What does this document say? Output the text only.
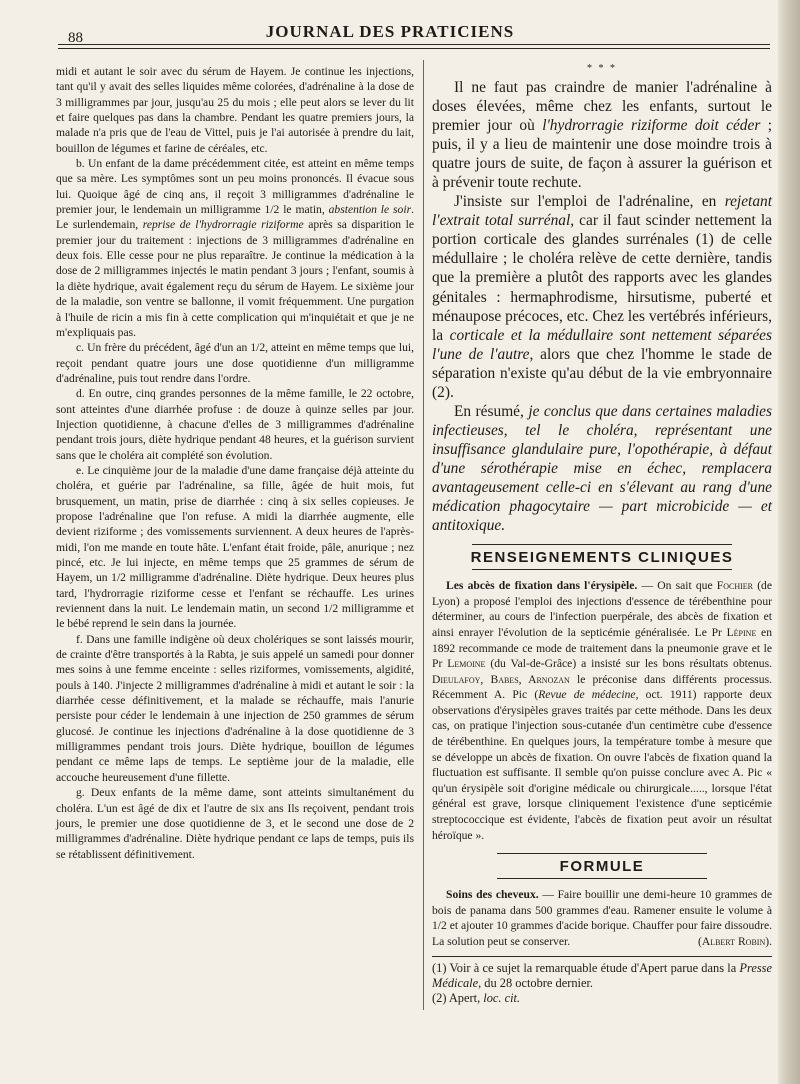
88	JOURNAL DES PRATICIENS

midi et autant le soir avec du sérum de Hayem. Je continue les injections, tant qu'il y avait des selles liquides même colorées, d'adrénaline à la dose de 3 milligrammes par jour, jusqu'au 25 du mois ; elle peut alors se lever du lit et faire quelques pas dans la chambre. Pendant les quatre premiers jours, la malade n'a pris que de l'eau de Vittel, puis je l'ai autorisée à prendre du lait, bouillon de légumes et farine de céréales, etc.

b. Un enfant de la dame précédemment citée, est atteint en même temps que sa mère. Les symptômes sont un peu moins prononcés. Il évacue sous lui. Quoique âgé de cinq ans, il reçoit 3 milligrammes d'adrénaline le premier jour, le lendemain un milligramme 1/2 le matin, abstention le soir. Le surlendemain, reprise de l'hydrorragie riziforme après sa disparition le premier jour du traitement : injections de 3 milligrammes d'adrénaline en deux fois. Elle cesse pour ne plus reparaître. Je continue la médication à la dose de 2 milligrammes injectés le matin pendant 3 jours ; l'enfant, soumis à la diète hydrique, avait également reçu du sérum de Hayem. Le sixième jour de la maladie, son ventre se ballonne, il vomit fréquemment. Une purgation à l'huile de ricin a mis fin à cette complication qui m'inquiétait et que je ne m'expliquais pas.

c. Un frère du précédent, âgé d'un an 1/2, atteint en même temps que lui, reçoit pendant quatre jours une dose quotidienne d'un milligramme d'adrénaline, puis tout rendre dans l'ordre.

d. En outre, cinq grandes personnes de la même famille, le 22 octobre, sont atteintes d'une diarrhée profuse : de douze à quinze selles par jour. Injection quotidienne, à chacune d'elles de 3 milligrammes d'adrénaline pendant trois jours, diète hydrique pendant 48 heures, et la guérison survient sans que le choléra ait complété son évolution.

e. Le cinquième jour de la maladie d'une dame française déjà atteinte du choléra, et guérie par l'adrénaline, sa fille, âgée de huit mois, fut brusquement, un matin, prise de diarrhée : cinq à six selles copieuses. Je propose l'adrénaline que l'on refuse. A midi la diarrhée augmente, elle devient riziforme ; des vomissements surviennent. A deux heures de l'après-midi, l'on me mande en toute hâte. L'enfant était froide, pâle, anurique ; nez pincé, etc. Je lui injecte, en même temps que 25 grammes de sérum de Hayem, un 1/2 milligramme d'adrénaline. Diète hydrique. Deux heures plus tard, l'hydrorragie riziforme cesse et l'enfant se réchauffe. Les urines reviennent dans la nuit. Le lendemain matin, un second 1/2 milligramme et le bébé reprend le sein dans la journée.

f. Dans une famille indigène où deux cholériques se sont laissés mourir, de crainte d'être transportés à la Rabta, je suis appelé un samedi pour donner mes soins à une femme enceinte : selles riziformes, vomissements, algidité, pouls à 140. J'injecte 2 milligrammes d'adrénaline à midi et autant le soir : la diarrhée cesse définitivement, et la malade se réchauffe, mais l'anurie persiste pour céder le lendemain à une injection de 250 grammes de sérum glucosé. Je continue les injections d'adrénaline à la dose quotidienne de 3 milligrammes pendant trois jours. Diète hydrique, bouillon de légumes pendant ce même laps de temps. Le septième jour de la maladie, elle accouche heureusement d'une fillette.

g. Deux enfants de la même dame, sont atteints simultanément du choléra. L'un est âgé de dix et l'autre de six ans Ils reçoivent, pendant trois jours, le premier une dose quotidienne de 3, et le second une dose de 2 milligrammes d'adrénaline. Diète hydrique pendant ce laps de temps, puis ils se rétablissent définitivement.

* * *

Il ne faut pas craindre de manier l'adrénaline à doses élevées, même chez les enfants, surtout le premier jour où l'hydrorragie riziforme doit céder ; puis, il y a lieu de maintenir une dose moindre trois à quatre jours de suite, de façon à assurer la guérison et à prévenir toute rechute.

J'insiste sur l'emploi de l'adrénaline, en rejetant l'extrait total surrénal, car il faut scinder nettement la portion corticale des glandes surrénales (1) de celle médullaire ; le choléra relève de cette dernière, tandis que la première a plutôt des rapports avec les glandes génitales : hermaphrodisme, hirsutisme, puberté et ménaupose précoces, etc. Chez les vertébrés inférieurs, la corticale et la médullaire sont nettement séparées l'une de l'autre, alors que chez l'homme le stade de séparation n'existe qu'au début de la vie embryonnaire (2).

En résumé, je conclus que dans certaines maladies infectieuses, tel le choléra, représentant une insuffisance glandulaire pure, l'opothérapie, à défaut d'une sérothérapie mise en échec, remplacera avantageusement celle-ci en s'élevant au rang d'une médication phagocytaire — part microbicide — et antitoxique.

RENSEIGNEMENTS CLINIQUES

Les abcès de fixation dans l'érysipèle. — On sait que Fochier (de Lyon) a proposé l'emploi des injections d'essence de térébenthine pour déterminer, au cours de l'infection puerpérale, des abcès de fixation et ainsi enrayer l'évolution de la septicémie généralisée. Le Pr Lépine en 1892 recommande ce mode de traitement dans la pneumonie grave et le Pr Lemoine (du Val-de-Grâce) a insisté sur les bons résultats obtenus. Dieulafoy, Babes, Arnozan le préconise dans différents processus. Récemment A. Pic (Revue de médecine, oct. 1911) rapporte deux observations d'érysipèles graves traités par cette méthode. Dans les deux cas, on pratique l'injection sous-cutanée d'un centimètre cube d'essence de térébenthine. En quelques jours, la température tombe à mesure que se développe un abcès de fixation. On ouvre l'abcès de fixation quand la fluctuation est suffisante. Il semble qu'on puisse conclure avec A. Pic « qu'un érysipèle soit d'origine médicale ou chirurgicale....., lorsque l'état général est grave, lorsque cliniquement l'existence d'une septicémie streptococcique est évidente, l'abcès de fixation peut avoir un résultat héroïque ».

FORMULE

Soins des cheveux. — Faire bouillir une demi-heure 10 grammes de bois de panama dans 500 grammes d'eau. Ramener ensuite le volume à 1/2 et ajouter 10 grammes d'acide borique. Chauffer pour faire dissoudre. La solution peut se conserver.	(Albert Robin).

(1) Voir à ce sujet la remarquable étude d'Apert parue dans la Presse Médicale, du 28 octobre dernier.

(2) Apert, loc. cit.
